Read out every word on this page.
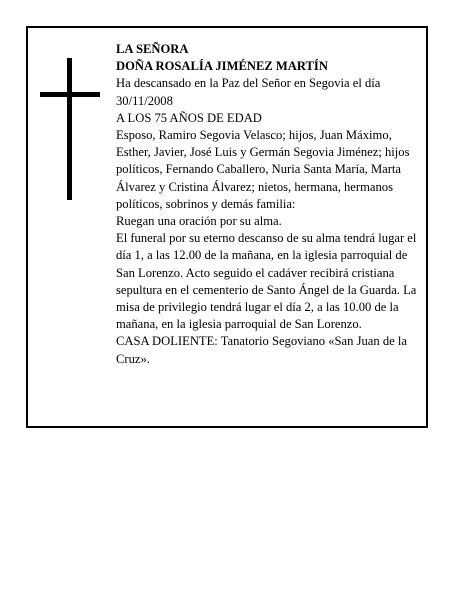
LA SEÑORA

DOÑA ROSALÍA JIMÉNEZ MARTÍN

Ha descansado en la Paz del Señor en Segovia el día 30/11/2008

A LOS 75 AÑOS DE EDAD

Esposo, Ramiro Segovia Velasco; hijos, Juan Máximo, Esther, Javier, José Luis y Germán Segovia Jiménez; hijos políticos, Fernando Caballero, Nuria Santa María, Marta Álvarez y Cristina Álvarez; nietos, hermana, hermanos políticos, sobrinos y demás familia:

Ruegan una oración por su alma.

El funeral por su eterno descanso de su alma tendrá lugar el día 1, a las 12.00 de la mañana, en la iglesia parroquial de San Lorenzo. Acto seguido el cadáver recibirá cristiana sepultura en el cementerio de Santo Ángel de la Guarda. La misa de privilegio tendrá lugar el día 2, a las 10.00 de la mañana, en la iglesia parroquial de San Lorenzo.

CASA DOLIENTE: Tanatorio Segoviano «San Juan de la Cruz».
